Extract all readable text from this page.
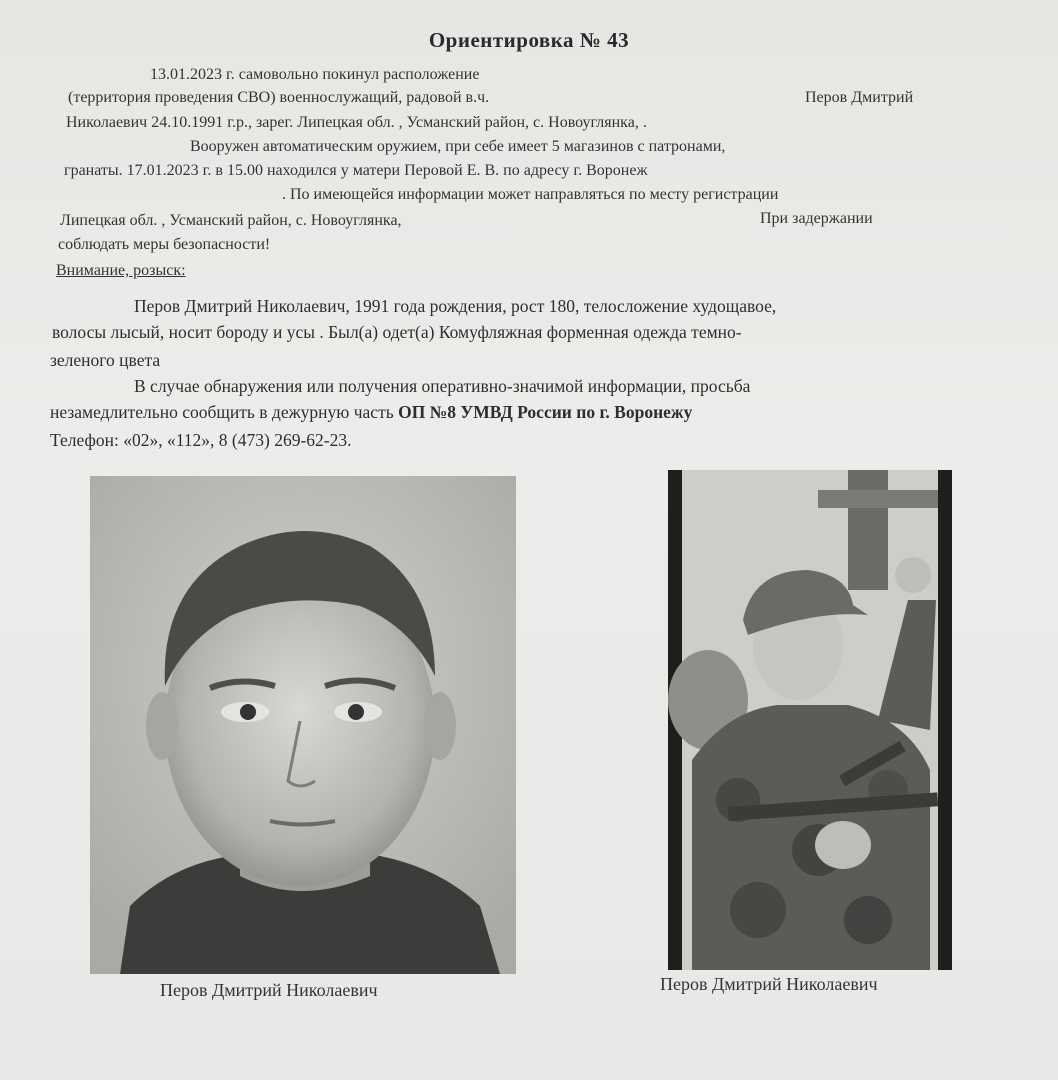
Ориентировка № 43
13.01.2023 г. самовольно покинул расположение
(территория проведения СВО) военнослужащий, радовой в.ч.	Перов Дмитрий
Николаевич 24.10.1991 г.р., зарег. Липецкая обл. , Усманский район, с. Новоуглянка, .
Вооружен автоматическим оружием, при себе имеет 5 магазинов с патронами,
гранаты. 17.01.2023 г. в 15.00 находился у матери Перовой Е. В. по адресу г. Воронеж
. По имеющейся информации может направляться по месту регистрации
Липецкая обл. , Усманский район, с. Новоуглянка,	При задержании
соблюдать меры безопасности!
Внимание, розыск:
Перов Дмитрий Николаевич, 1991 года рождения, рост 180, телосложение худощавое,
волосы лысый, носит бороду и усы . Был(а) одет(а) Комуфляжная форменная одежда темно-
зеленого цвета
В случае обнаружения или получения оперативно-значимой информации, просьба
незамедлительно сообщить в дежурную часть ОП №8 УМВД России по г. Воронежу
Телефон: «02», «112», 8 (473) 269-62-23.
Перов Дмитрий Николаевич	Перов Дмитрий Николаевич
